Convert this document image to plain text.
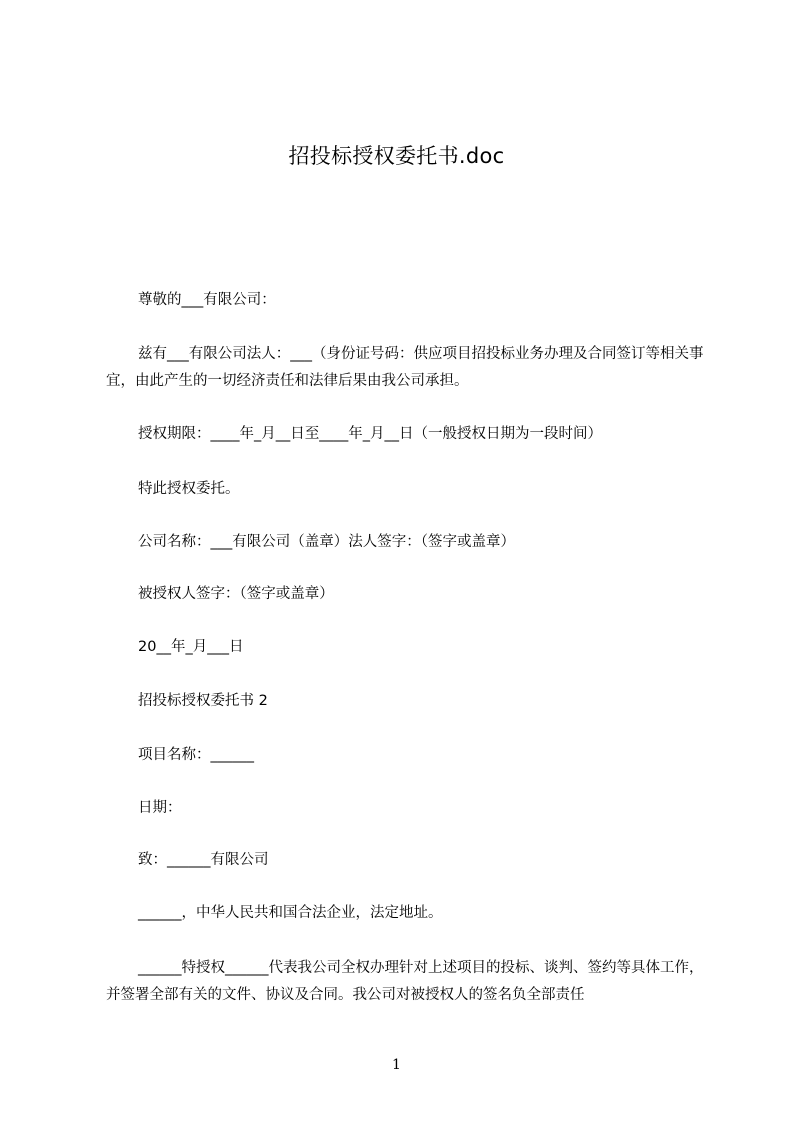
招投标授权委托书.doc
尊敬的___有限公司：
兹有___有限公司法人：___（身份证号码：供应项目招投标业务办理及合同签订等相关事宜，由此产生的一切经济责任和法律后果由我公司承担。
授权期限：____年_月__日至____年_月__日（一般授权日期为一段时间）
特此授权委托。
公司名称：___有限公司（盖章）法人签字：（签字或盖章）
被授权人签字：（签字或盖章）
20__年_月___日
招投标授权委托书 2
项目名称：______
日期：
致：______有限公司
______，中华人民共和国合法企业，法定地址。
______特授权______代表我公司全权办理针对上述项目的投标、谈判、签约等具体工作，并签署全部有关的文件、协议及合同。我公司对被授权人的签名负全部责任
1
